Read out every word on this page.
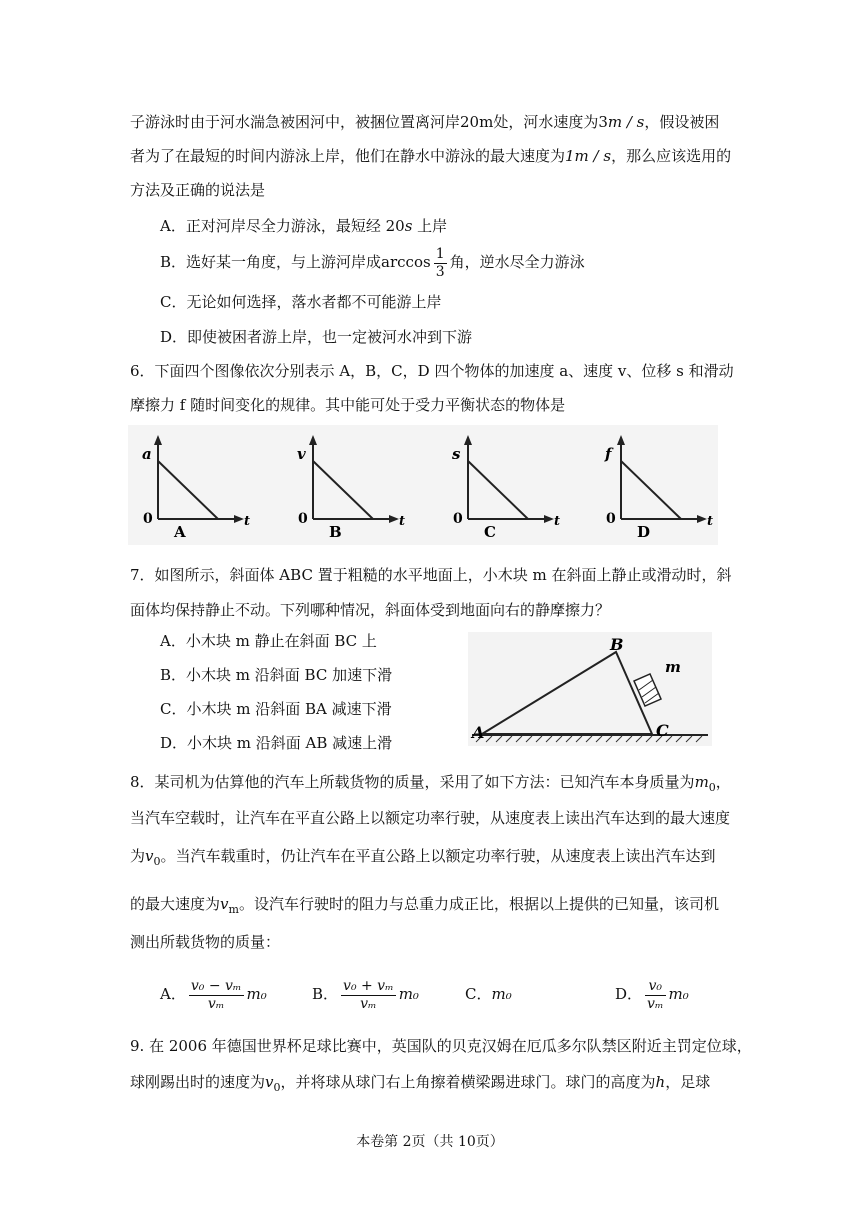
子游泳时由于河水湍急被困河中，被捆位置离河岸20m处，河水速度为3m / s，假设被困
者为了在最短的时间内游泳上岸，他们在静水中游泳的最大速度为1m / s，那么应该选用的
方法及正确的说法是
A．正对河岸尽全力游泳，最短经 20s 上岸
B．选好某一角度，与上游河岸成$\arccos \frac{1}{3}$ 角，逆水尽全力游泳
C．无论如何选择，落水者都不可能游上岸
D．即使被困者游上岸，也一定被河水冲到下游
6．下面四个图像依次分别表示 A，B，C，D 四个物体的加速度 a、速度 v、位移 s 和滑动
摩擦力 f 随时间变化的规律。其中能可处于受力平衡状态的物体是
a
0	t
A
v
0	t
B
s
0	t
C
f
0	t
D
7．如图所示，斜面体 ABC 置于粗糙的水平地面上，小木块 m 在斜面上静止或滑动时，斜
面体均保持静止不动。下列哪种情况，斜面体受到地面向右的静摩擦力？
A．小木块 m 静止在斜面 BC 上
B．小木块 m 沿斜面 BC 加速下滑
C．小木块 m 沿斜面 BA 减速下滑
D．小木块 m 沿斜面 AB 减速上滑
A
B
C
m
8．某司机为估算他的汽车上所载货物的质量，采用了如下方法：已知汽车本身质量为$m_0$，
当汽车空载时，让汽车在平直公路上以额定功率行驶，从速度表上读出汽车达到的最大速度
为$v_0$。当汽车载重时，仍让汽车在平直公路上以额定功率行驶，从速度表上读出汽车达到
的最大速度为$v_m$。设汽车行驶时的阻力与总重力成正比，根据以上提供的已知量，该司机
测出所载货物的质量：
A． $\frac{\text{v₀ − vₘ}}{\text{vₘ}} m_0$	B． $\frac{\text{v₀ + vₘ}}{\text{vₘ}} m_0$	C．m₀	D． $\frac{\text{v₀}}{\text{vₘ}} m_0$
9. 在 2006 年德国世界杯足球比赛中，英国队的贝克汉姆在厄瓜多尔队禁区附近主罚定位球，
球刚踢出时的速度为$v_0$，并将球从球门右上角擦着横梁踢进球门。球门的高度为h，足球
本卷第 2页（共 10页）
